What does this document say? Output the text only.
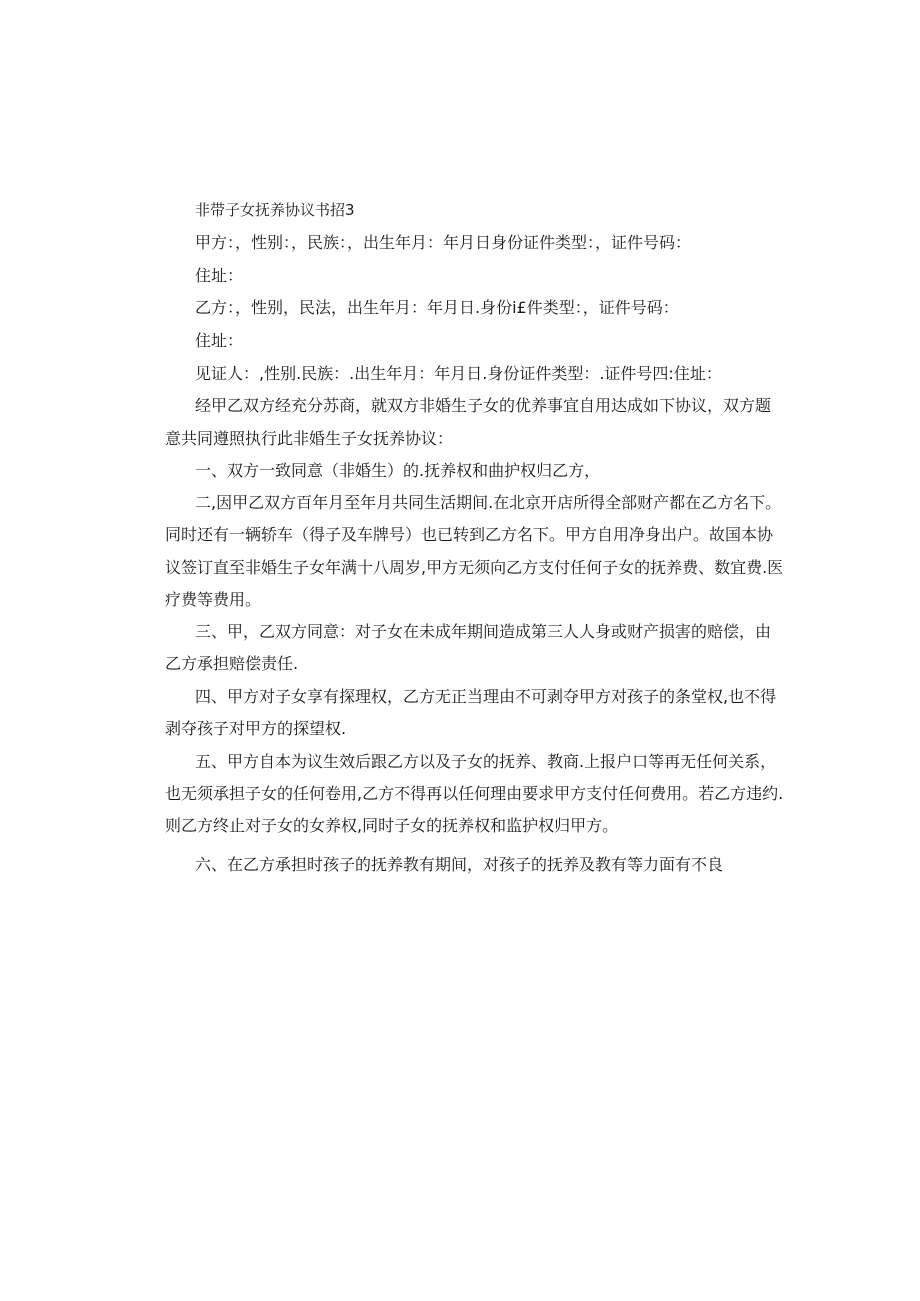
非带子女抚养协议书招3
甲方：，性别：，民族：，出生年月：年月日身份证件类型：，证件号码：
住址：
乙方：，性别，民法，出生年月：年月日.身份i£件类型：，证件号码：
住址：
见证人：,性别.民族：.出生年月：年月日.身份证件类型：.证件号四:住址：
经甲乙双方经充分苏商，就双方非婚生子女的优养事宜自用达成如下协议，双方题
意共同遵照执行此非婚生子女抚养协议：
一、双方一致同意（非婚生）的.抚养权和曲护权归乙方，
二,因甲乙双方百年月至年月共同生活期间.在北京开店所得全部财产都在乙方名下。
同时还有一辆轿车（得子及车牌号）也已转到乙方名下。甲方自用净身出户。故国本协
议签订直至非婚生子女年满十八周岁,甲方无须向乙方支付任何子女的抚养费、数宜费.医
疗费等费用。
三、甲，乙双方同意：对子女在未成年期间造成第三人人身或财产损害的赔偿，由
乙方承担赔偿责任.
四、甲方对子女享有探理权，乙方无正当理由不可剥夺甲方对孩子的条堂权,也不得
剥夺孩子对甲方的探望权.
五、甲方自本为议生效后跟乙方以及子女的抚养、教商.上报户口等再无任何关系，
也无须承担子女的任何卷用,乙方不得再以任何理由要求甲方支付任何费用。若乙方违约.
则乙方终止对子女的女养权,同时子女的抚养权和监护权归甲方。
六、在乙方承担时孩子的抚养教有期间，对孩子的抚养及教有等力面有不良
